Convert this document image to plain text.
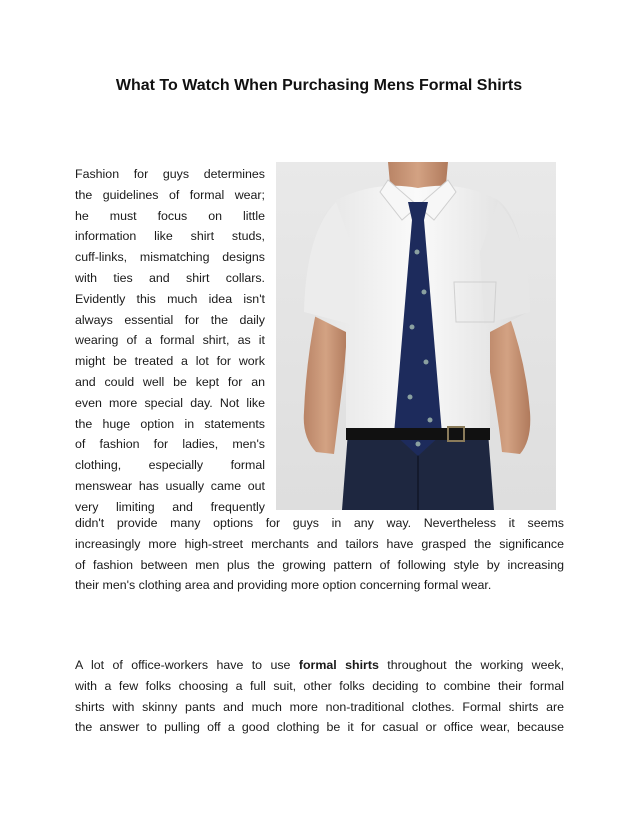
What To Watch When Purchasing Mens Formal Shirts
Fashion for guys determines
the guidelines of formal wear;
he must focus on little
information like shirt studs,
cuff-links, mismatching designs
with ties and shirt collars.
Evidently this much idea isn't
always essential for the daily
wearing of a formal shirt, as it
might be treated a lot for work
and could well be kept for an
even more special day. Not like
the huge option in statements
of fashion for ladies, men's
clothing, especially formal
menswear has usually came out
very limiting and frequently
didn't provide many options for guys in any way. Nevertheless it seems
increasingly more high-street merchants and tailors have grasped the significance
of fashion between men plus the growing pattern of following style by increasing
their men's clothing area and providing more option concerning formal wear.
A lot of office-workers have to use formal shirts throughout the working week,
with a few folks choosing a full suit, other folks deciding to combine their formal
shirts with skinny pants and much more non-traditional clothes. Formal shirts are
the answer to pulling off a good clothing be it for casual or office wear, because
